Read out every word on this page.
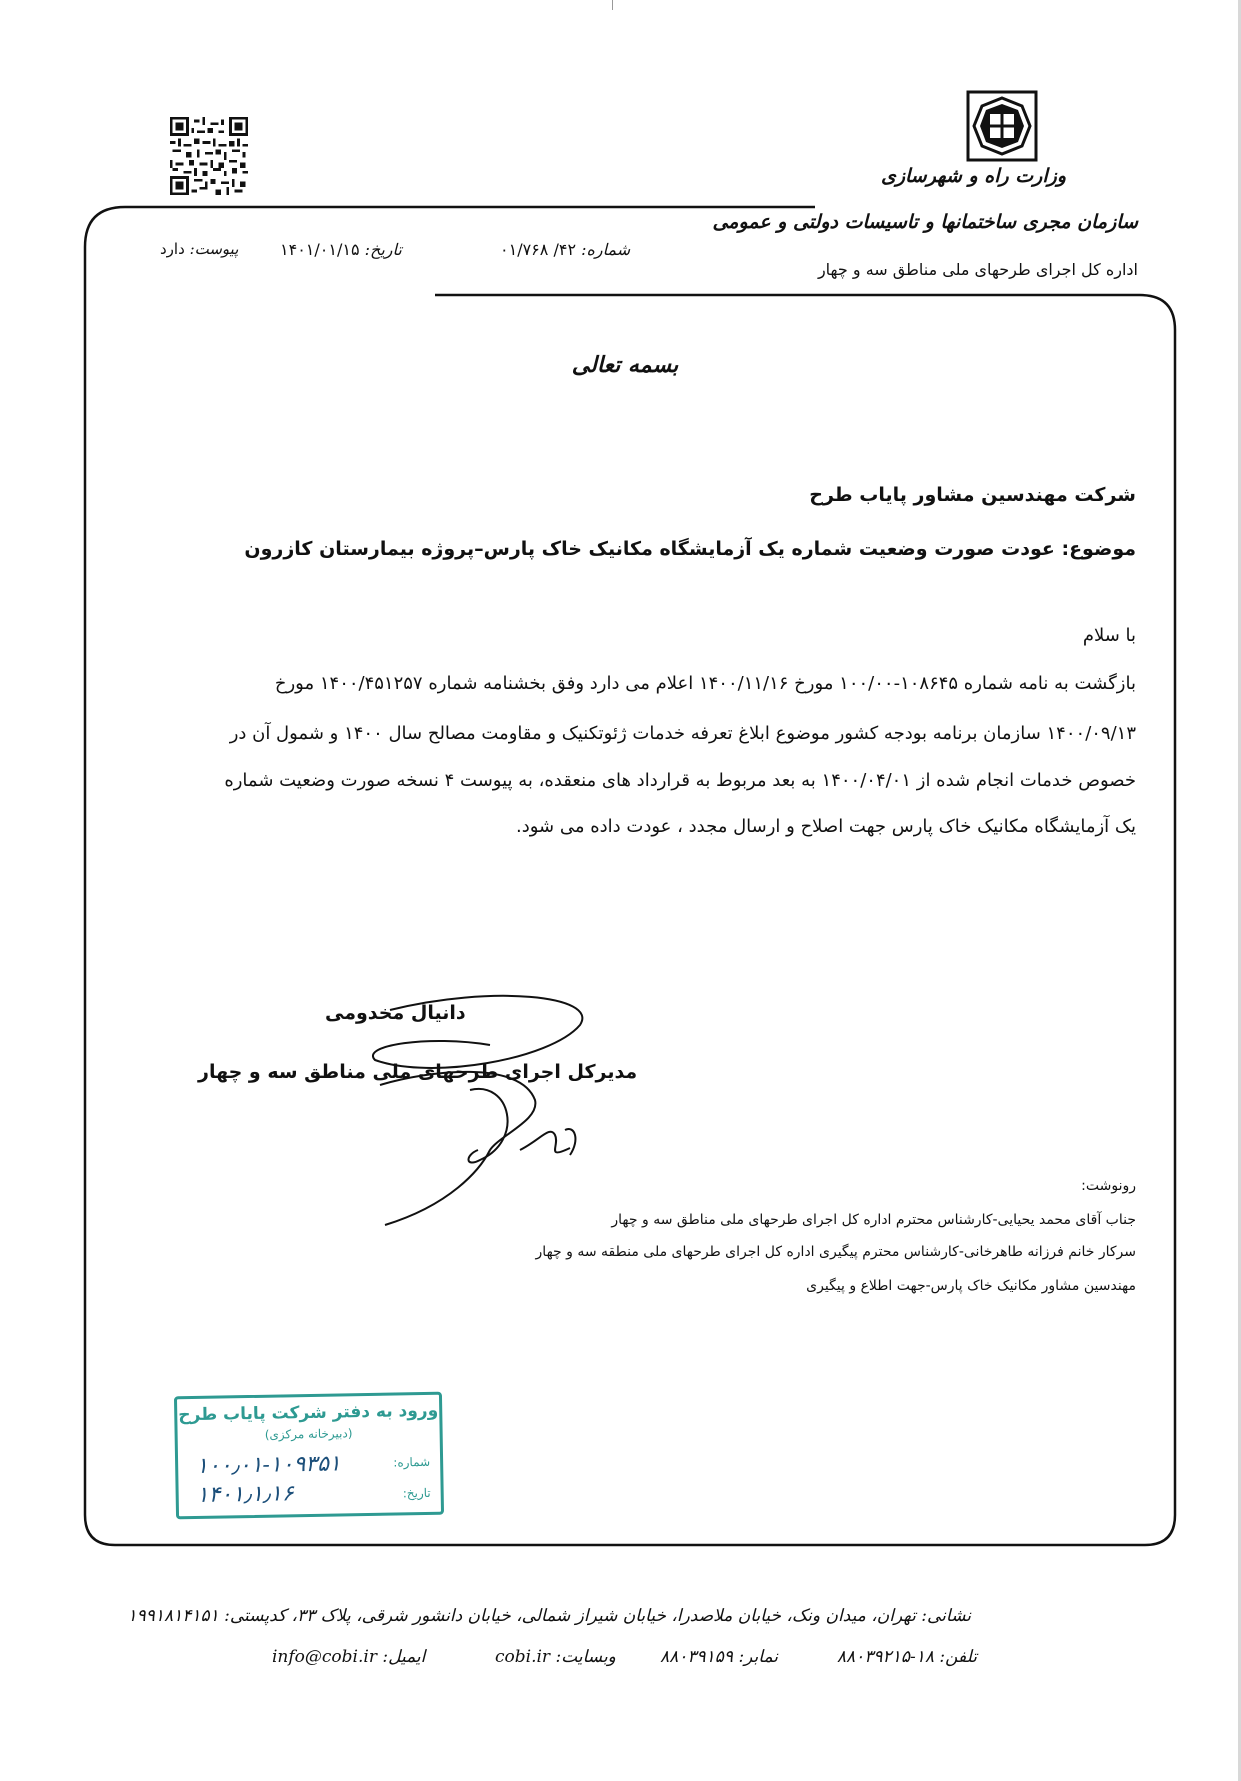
وزارت راه و شهرسازی
سازمان مجری ساختمانها و تاسیسات دولتی و عمومی
اداره کل اجرای طرحهای ملی مناطق سه و چهار
شماره: ۴۲/ ۰۱/۷۶۸
تاریخ: ۱۴۰۱/۰۱/۱۵
پیوست: دارد
بسمه تعالی
شرکت مهندسین مشاور پایاب طرح
موضوع: عودت صورت وضعیت شماره یک آزمایشگاه مکانیک خاک پارس–پروژه بیمارستان کازرون
با سلام
بازگشت به نامه شماره ۱۰۸۶۴۵-۱۰۰/۰۰ مورخ ۱۴۰۰/۱۱/۱۶ اعلام می دارد وفق بخشنامه شماره ۱۴۰۰/۴۵۱۲۵۷ مورخ
۱۴۰۰/۰۹/۱۳ سازمان برنامه بودجه کشور موضوع ابلاغ تعرفه خدمات ژئوتکنیک و مقاومت مصالح سال ۱۴۰۰ و شمول آن در
خصوص خدمات انجام شده از ۱۴۰۰/۰۴/۰۱ به بعد مربوط به قرارداد های منعقده، به پیوست ۴ نسخه صورت وضعیت شماره
یک آزمایشگاه مکانیک خاک پارس جهت اصلاح و ارسال مجدد ، عودت داده می شود.
دانیال مخدومی
مدیرکل اجرای طرحهای ملی مناطق سه و چهار
رونوشت:
جناب آقای محمد یحیایی-کارشناس محترم اداره کل اجرای طرحهای ملی مناطق سه و چهار
سرکار خانم فرزانه طاهرخانی-کارشناس محترم پیگیری اداره کل اجرای طرحهای ملی منطقه سه و چهار
مهندسین مشاور مکانیک خاک پارس-جهت اطلاع و پیگیری
ورود به دفتر شرکت پایاب طرح
(دبیرخانه مرکزی)
شماره:
۱۰۰٫۰۱-۱۰۹۳۵۱
تاریخ:
۱۴۰۱٫۱٫۱۶
نشانی: تهران، میدان ونک، خیابان ملاصدرا، خیابان شیراز شمالی، خیابان دانشور شرقی، پلاک ۳۳، کدپستی: ۱۹۹۱۸۱۴۱۵۱
تلفن: ۱۸-۸۸۰۳۹۲۱۵
نمابر: ۸۸۰۳۹۱۵۹
وبسایت: cobi.ir
ایمیل: info@cobi.ir
